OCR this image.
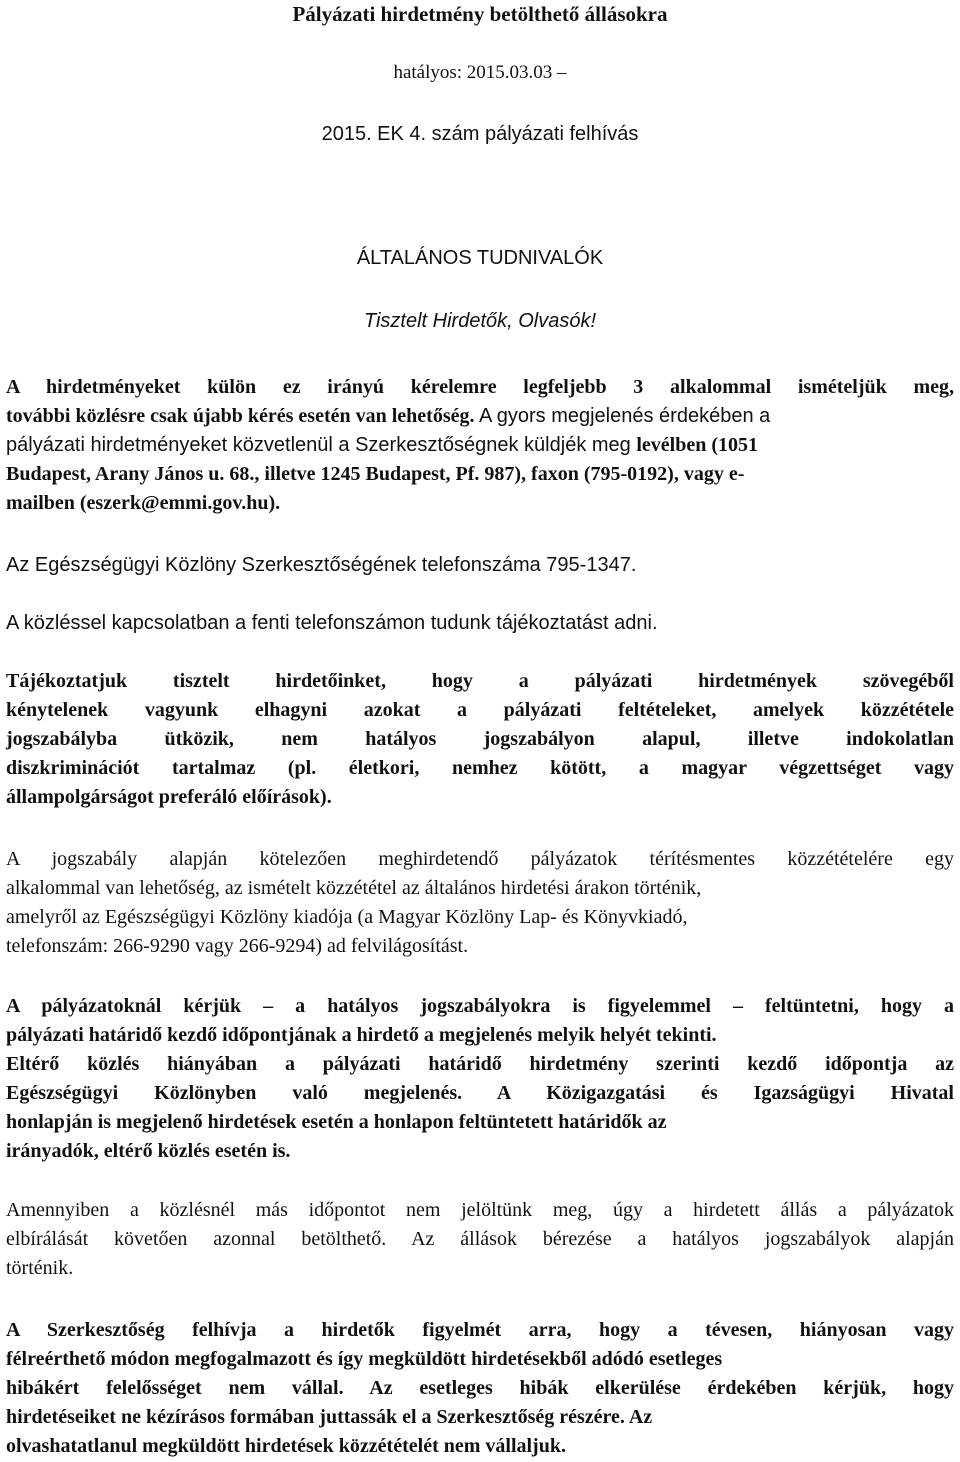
Pályázati hirdetmény betölthető állásokra
hatályos: 2015.03.03 –
2015. EK 4. szám pályázati felhívás
ÁLTALÁNOS TUDNIVALÓK
Tisztelt Hirdetők, Olvasók!
A hirdetményeket külön ez irányú kérelemre legfeljebb 3 alkalommal ismételjük meg,
további közlésre csak újabb kérés esetén van lehetőség. A gyors megjelenés érdekében a
pályázati hirdetményeket közvetlenül a Szerkesztőségnek küldjék meg levélben (1051
Budapest, Arany János u. 68., illetve 1245 Budapest, Pf. 987), faxon (795-0192), vagy e-
mailben (eszerk@emmi.gov.hu).
Az Egészségügyi Közlöny Szerkesztőségének telefonszáma 795-1347.
A közléssel kapcsolatban a fenti telefonszámon tudunk tájékoztatást adni.
Tájékoztatjuk tisztelt hirdetőinket, hogy a pályázati hirdetmények szövegéből
kénytelenek vagyunk elhagyni azokat a pályázati feltételeket, amelyek közzététele
jogszabályba ütközik, nem hatályos jogszabályon alapul, illetve indokolatlan
diszkriminációt tartalmaz (pl. életkori, nemhez kötött, a magyar végzettséget vagy
állampolgárságot preferáló előírások).
A jogszabály alapján kötelezően meghirdetendő pályázatok térítésmentes közzétételére egy
alkalommal van lehetőség, az ismételt közzététel az általános hirdetési árakon történik,
amelyről az Egészségügyi Közlöny kiadója (a Magyar Közlöny Lap- és Könyvkiadó,
telefonszám: 266-9290 vagy 266-9294) ad felvilágosítást.
A pályázatoknál kérjük – a hatályos jogszabályokra is figyelemmel – feltüntetni, hogy a
pályázati határidő kezdő időpontjának a hirdető a megjelenés melyik helyét tekinti.
Eltérő közlés hiányában a pályázati határidő hirdetmény szerinti kezdő időpontja az
Egészségügyi Közlönyben való megjelenés. A Közigazgatási és Igazságügyi Hivatal
honlapján is megjelenő hirdetések esetén a honlapon feltüntetett határidők az
irányadók, eltérő közlés esetén is.
Amennyiben a közlésnél más időpontot nem jelöltünk meg, úgy a hirdetett állás a pályázatok
elbírálását követően azonnal betölthető. Az állások bérezése a hatályos jogszabályok alapján
történik.
A Szerkesztőség felhívja a hirdetők figyelmét arra, hogy a tévesen, hiányosan vagy
félreérthető módon megfogalmazott és így megküldött hirdetésekből adódó esetleges
hibákért felelősséget nem vállal. Az esetleges hibák elkerülése érdekében kérjük, hogy
hirdetéseiket ne kézírásos formában juttassák el a Szerkesztőség részére. Az
olvashatatlanul megküldött hirdetések közzétételét nem vállaljuk.
